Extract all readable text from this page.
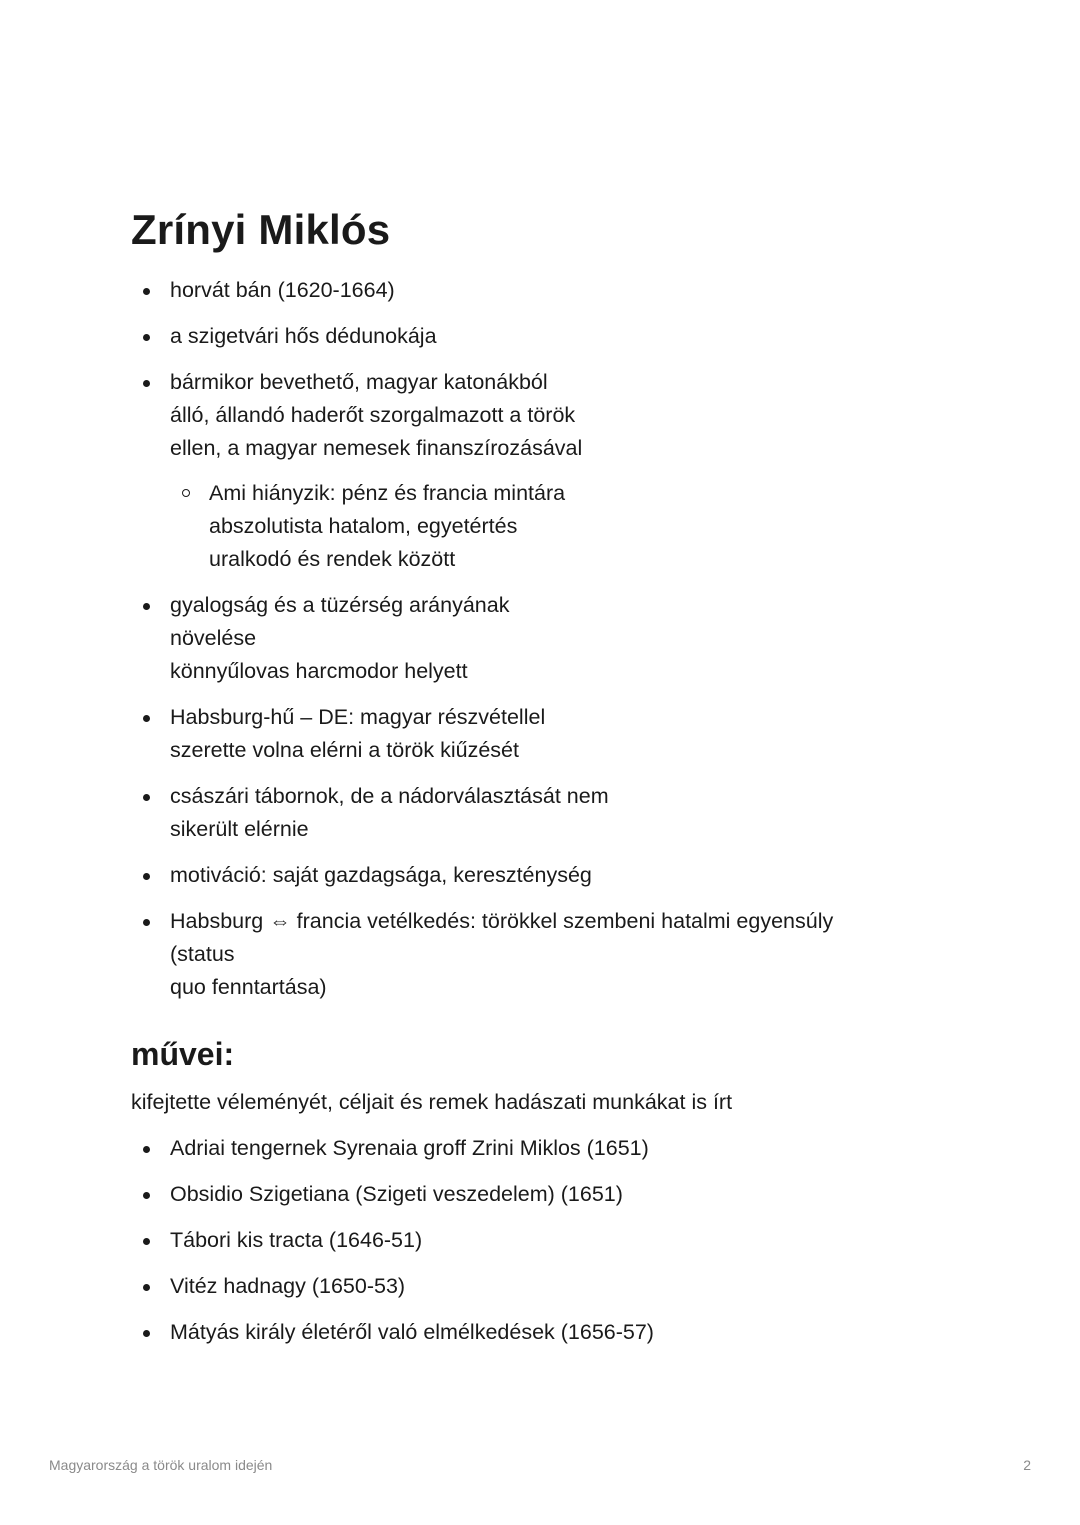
Zrínyi Miklós
horvát bán (1620-1664)
a szigetvári hős dédunokája
bármikor bevethető, magyar katonákból
álló, állandó haderőt szorgalmazott a török
ellen, a magyar nemesek finanszírozásával
Ami hiányzik: pénz és francia mintára
abszolutista hatalom, egyetértés
uralkodó és rendek között
gyalogság és a tüzérség arányának
növelése
könnyűlovas harcmodor helyett
Habsburg-hű – DE: magyar részvétellel
szerette volna elérni a török kiűzését
császári tábornok, de a nádorválasztását nem
sikerült elérnie
motiváció: saját gazdagsága, kereszténység
Habsburg ⇔ francia vetélkedés: törökkel szembeni hatalmi egyensúly
(status
quo fenntartása)
művei:

kifejtette véleményét, céljait és remek hadászati munkákat is írt

Adriai tengernek Syrenaia groff Zrini Miklos (1651)
Obsidio Szigetiana (Szigeti veszedelem) (1651)
Tábori kis tracta (1646-51)
Vitéz hadnagy (1650-53)
Mátyás király életéről való elmélkedések (1656-57)
Magyarország a török uralom idején	2
